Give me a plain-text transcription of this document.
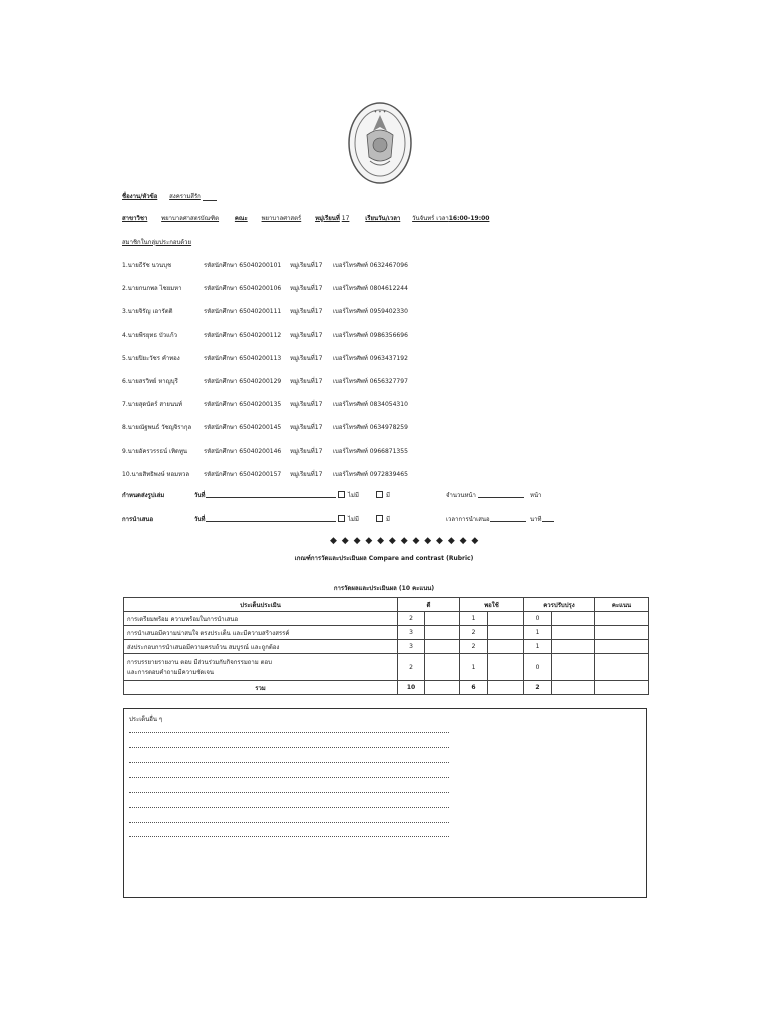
✦ ✦ ✦
ชื่องาน/หัวข้อ สงครามสีรัก
สาขาวิชา พยาบาลศาสตรบัณฑิต	คณะ พยาบาลศาสตร์ หมู่เรียนที่ 17	เรียนวัน/เวลา วันจันทร์ เวลา16:00-19:00
สมาชิกในกลุ่มประกอบด้วย
1.นายธีรัช นวนบุช	รหัสนักศึกษา 65040200101 หมู่เรียนที่17 เบอร์โทรศัพท์ 0632467096
2.นายกนกพล ไชยมหา	รหัสนักศึกษา 65040200106 หมู่เรียนที่17 เบอร์โทรศัพท์ 0804612244
3.นายจิรัญ เอารัตติ	รหัสนักศึกษา 65040200111 หมู่เรียนที่17 เบอร์โทรศัพท์ 0959402330
4.นายพีรยุทธ บัวแก้ว	รหัสนักศึกษา 65040200112 หมู่เรียนที่17 เบอร์โทรศัพท์ 0986356696
5.นายปิยะวัชร คำทอง	รหัสนักศึกษา 65040200113 หมู่เรียนที่17 เบอร์โทรศัพท์ 0963437192
6.นายสรวิทย์ หาญบุรี	รหัสนักศึกษา 65040200129 หมู่เรียนที่17 เบอร์โทรศัพท์ 0656327797
7.นายสุดนัตร์ สายนนท์	รหัสนักศึกษา 65040200135 หมู่เรียนที่17 เบอร์โทรศัพท์ 0834054310
8.นายณัฐพนธ์ วัชญจิรากุล รหัสนักศึกษา 65040200145 หมู่เรียนที่17 เบอร์โทรศัพท์ 0634978259
9.นายอัครวรรธน์ เทิดทูน	รหัสนักศึกษา 65040200146 หมู่เรียนที่17 เบอร์โทรศัพท์ 0966871355
10.นายสิทธิพงษ์ หอมหวล รหัสนักศึกษา 65040200157 หมู่เรียนที่17 เบอร์โทรศัพท์ 0972839465
กำหนดส่งรูปเล่ม	วันที่	ไม่มี	มี	จำนวนหน้า	หน้า
การนำเสนอ	วันที่	ไม่มี	มี	เวลาการนำเสนอ	นาที
◆ ◆ ◆ ◆ ◆ ◆ ◆ ◆ ◆ ◆ ◆ ◆ ◆
เกณฑ์การวัดและประเมินผล Compare and contrast (Rubric)
การวัดผลและประเมินผล (10 คะแนน)
ประเด็นประเมิน	ดี		พอใช้		ควรปรับปรุง		คะแนน
การเตรียมพร้อม ความพร้อมในการนำเสนอ	2		1		0		
การนำเสนอมีความน่าสนใจ ตรงประเด็น และมีความสร้างสรรค์	3		2		1		
ส่งประกอบการนำเสนอมีความครบถ้วน สมบูรณ์ และถูกต้อง	3		2		1		
การบรรยายรายงาน ตอบ มีส่วนร่วมกับกิจกรรมถาม ตอบ
และการตอบคำถามมีความชัดเจน	2		1		0		
รวม	10		6		2		
ประเด็นอื่น ๆ
